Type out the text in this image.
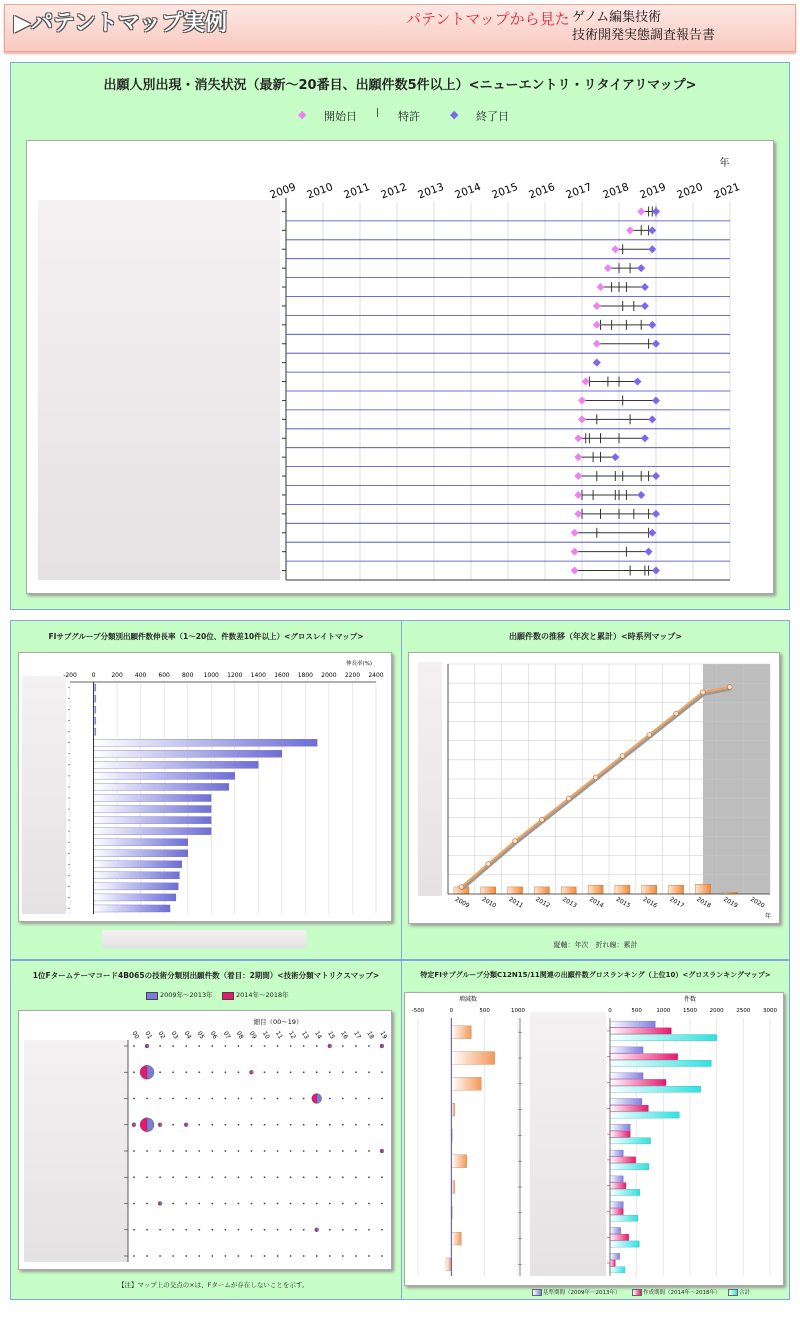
▶パテントマップ実例	パテントマップから見た ゲノム編集技術
技術開発実態調査報告書
出願人別出現・消失状況（最新～20番目、出願件数5件以上）<ニューエントリ・リタイアリマップ>
◆ 開始日 | 特許	◆ 終了日
2009 2010 2011 2012 2013 2014 2015 2016 2017 2018 2019 2020 2021
年
FIサブグループ分類別出願件数伸長率（1～20位、件数差10件以上）<グロスレイトマップ>
伸長率(%)
-200 0	200 400 600 800 1000 1200 1400 1600 1800 2000 2200 2400
出願件数の推移（年次と累計）<時系列マップ>
2009 2010 2011 2012 2013 2014 2015 2016 2017 2018 2019 2020
年
縦軸：年次　折れ線：累計
1位Fタームテーマコード4B065の技術分類別出願件数（着目：2期間）<技術分類マトリクスマップ>
2009年～2013年	2014年～2018年
細目（00～19）
00 01 02 03 04 05 06 07 08 09 10 11 12 13 14 15 16 17 18 19
【注】マップ上の交点の×は、Fタームが存在しないことを示す。
特定FIサブグループ分類C12N15/11関連の出願件数グロスランキング（上位10）<グロスランキングマップ>
増減数
-500	0	500	1000
件数
0	500	1000 1500 2000 2500 3000
基準期間（2009年～2013年）	作成期間（2014年～2018年）	合計
